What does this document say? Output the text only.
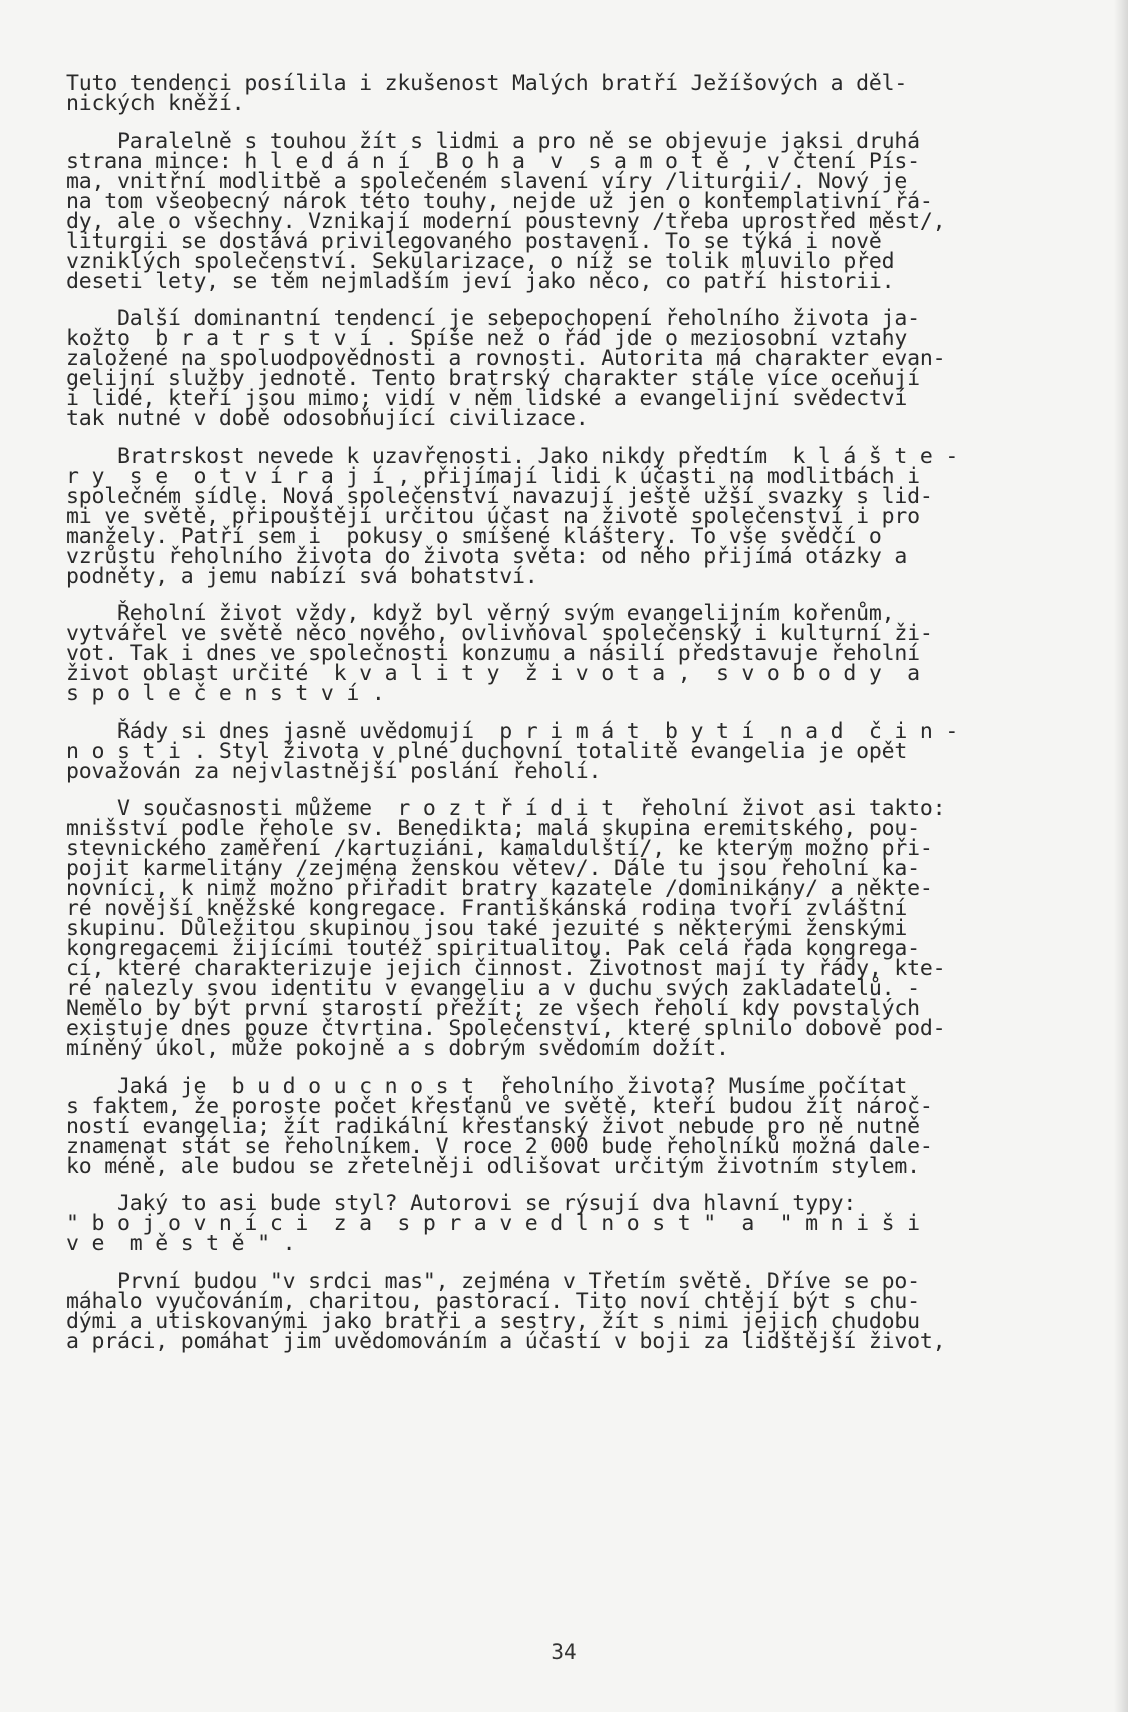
Tuto tendenci posílila i zkušenost Malých bratří Ježíšových a děl-
nických kněží.
Paralelně s touhou žít s lidmi a pro ně se objevuje jaksi druhá
strana mince: h l e d á n í  B o h a  v  s a m o t ě , v čtení Pís-
ma, vnitřní modlitbě a společeném slavení víry /liturgii/. Nový je
na tom všeobecný nárok této touhy, nejde už jen o kontemplativní řá-
dy, ale o všechny. Vznikají moderní poustevny /třeba uprostřed měst/,
liturgii se dostává privilegovaného postavení. To se týká i nově
vzniklých společenství. Sekularizace, o níž se tolik mluvilo před
deseti lety, se těm nejmladším jeví jako něco, co patří historii.
Další dominantní tendencí je sebepochopení řeholního života ja-
kožto  b r a t r s t v í . Spíše než o řád jde o meziosobní vztahy
založené na spoluodpovědnosti a rovnosti. Autorita má charakter evan-
gelijní služby jednotě. Tento bratrský charakter stále více oceňují
i lidé, kteří jsou mimo; vidí v něm lidské a evangelijní svědectví
tak nutné v době odosobňující civilizace.
Bratrskost nevede k uzavřenosti. Jako nikdy předtím  k l á š t e -
r y  s e  o t v í r a j í , přijímají lidi k účasti na modlitbách i
společném sídle. Nová společenství navazují ještě užší svazky s lid-
mi ve světě, připouštějí určitou účast na životě společenství i pro
manžely. Patří sem i  pokusy o smíšené kláštery. To vše svědčí o
vzrůstu řeholního života do života světa: od něho přijímá otázky a
podněty, a jemu nabízí svá bohatství.
Řeholní život vždy, když byl věrný svým evangelijním kořenům,
vytvářel ve světě něco nového, ovlivňoval společenský i kulturní ži-
vot. Tak i dnes ve společnosti konzumu a násilí představuje řeholní
život oblast určité  k v a l i t y  ž i v o t a ,  s v o b o d y  a
s p o l e č e n s t v í .
Řády si dnes jasně uvědomují  p r i m á t  b y t í  n a d  č i n -
n o s t i . Styl života v plné duchovní totalitě evangelia je opět
považován za nejvlastnější poslání řeholí.
V současnosti můžeme  r o z t ř í d i t  řeholní život asi takto:
mnišství podle řehole sv. Benedikta; malá skupina eremitského, pou-
stevnického zaměření /kartuziáni, kamaldulští/, ke kterým možno při-
pojit karmelitány /zejména ženskou větev/. Dále tu jsou řeholní ka-
novníci, k nimž možno přiřadit bratry kazatele /dominikány/ a někte-
ré novější kněžské kongregace. Františkánská rodina tvoří zvláštní
skupinu. Důležitou skupinou jsou také jezuité s některými ženskými
kongregacemi žijícími toutéž spiritualitou. Pak celá řada kongrega-
cí, které charakterizuje jejich činnost. Životnost mají ty řády, kte-
ré nalezly svou identitu v evangeliu a v duchu svých zakladatelů. -
Nemělo by být první starostí přežít; ze všech řeholí kdy povstalých
existuje dnes pouze čtvrtina. Společenství, které splnilo dobově pod-
míněný úkol, může pokojně a s dobrým svědomím dožít.
Jaká je  b u d o u c n o s t  řeholního života? Musíme počítat
s faktem, že poroste počet křesťanů ve světě, kteří budou žít nároč-
ností evangelia; žít radikální křesťanský život nebude pro ně nutně
znamenat stát se řeholníkem. V roce 2 000 bude řeholníků možná dale-
ko méně, ale budou se zřetelněji odlišovat určitým životním stylem.
Jaký to asi bude styl? Autorovi se rýsují dva hlavní typy:
" b o j o v n í c i  z a  s p r a v e d l n o s t "  a  " m n i š i
v e  m ě s t ě " .
První budou "v srdci mas", zejména v Třetím světě. Dříve se po-
máhalo vyučováním, charitou, pastorací. Tito noví chtějí být s chu-
dými a utiskovanými jako bratři a sestry, žít s nimi jejich chudobu
a práci, pomáhat jim uvědomováním a účastí v boji za lidštější život,
34
